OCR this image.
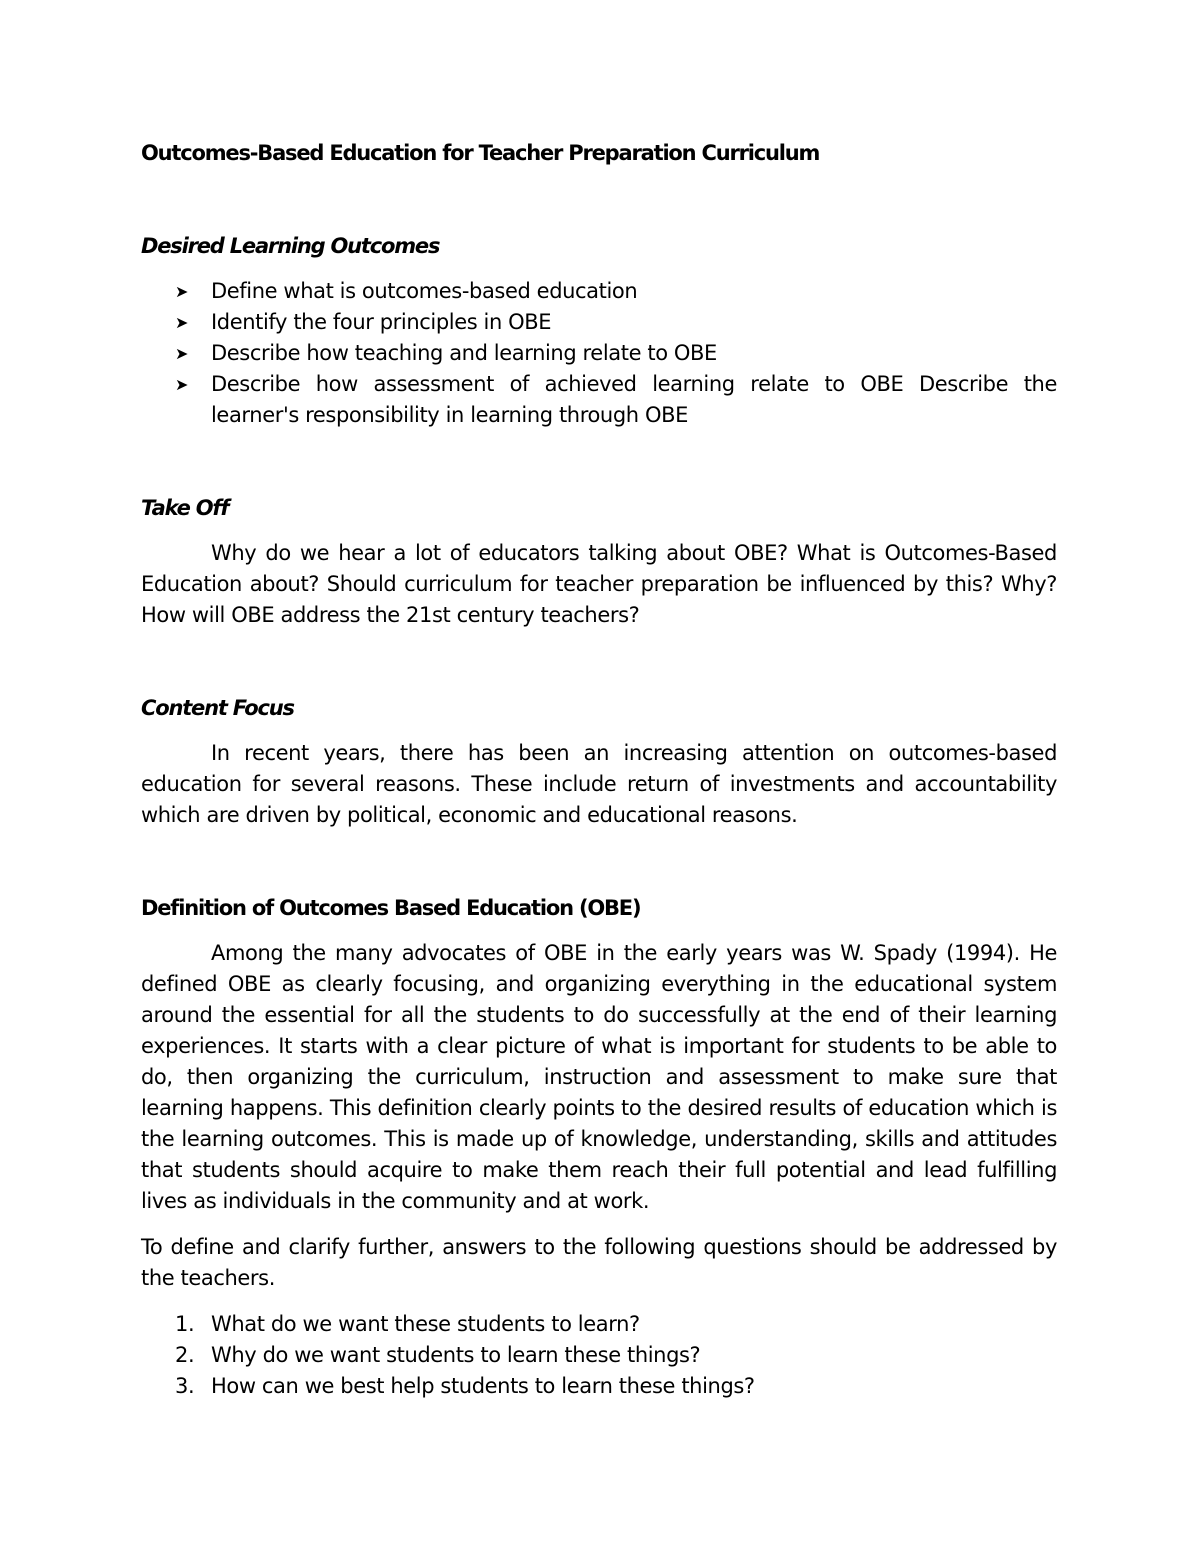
Outcomes-Based Education for Teacher Preparation Curriculum
Desired Learning Outcomes
➤ Define what is outcomes-based education
➤ Identify the four principles in OBE
➤ Describe how teaching and learning relate to OBE
➤ Describe how assessment of achieved learning relate to OBE Describe the learner's responsibility in learning through OBE
Take Off

Why do we hear a lot of educators talking about OBE? What is Outcomes-Based Education about? Should curriculum for teacher preparation be influenced by this? Why? How will OBE address the 21st century teachers?

Content Focus

In recent years, there has been an increasing attention on outcomes-based education for several reasons. These include return of investments and accountability which are driven by political, economic and educational reasons.

Definition of Outcomes Based Education (OBE)

Among the many advocates of OBE in the early years was W. Spady (1994). He defined OBE as clearly focusing, and organizing everything in the educational system around the essential for all the students to do successfully at the end of their learning experiences. It starts with a clear picture of what is important for students to be able to do, then organizing the curriculum, instruction and assessment to make sure that learning happens. This definition clearly points to the desired results of education which is the learning outcomes. This is made up of knowledge, understanding, skills and attitudes that students should acquire to make them reach their full potential and lead fulfilling lives as individuals in the community and at work.

To define and clarify further, answers to the following questions should be addressed by the teachers.

1. What do we want these students to learn?
2. Why do we want students to learn these things?
3. How can we best help students to learn these things?
